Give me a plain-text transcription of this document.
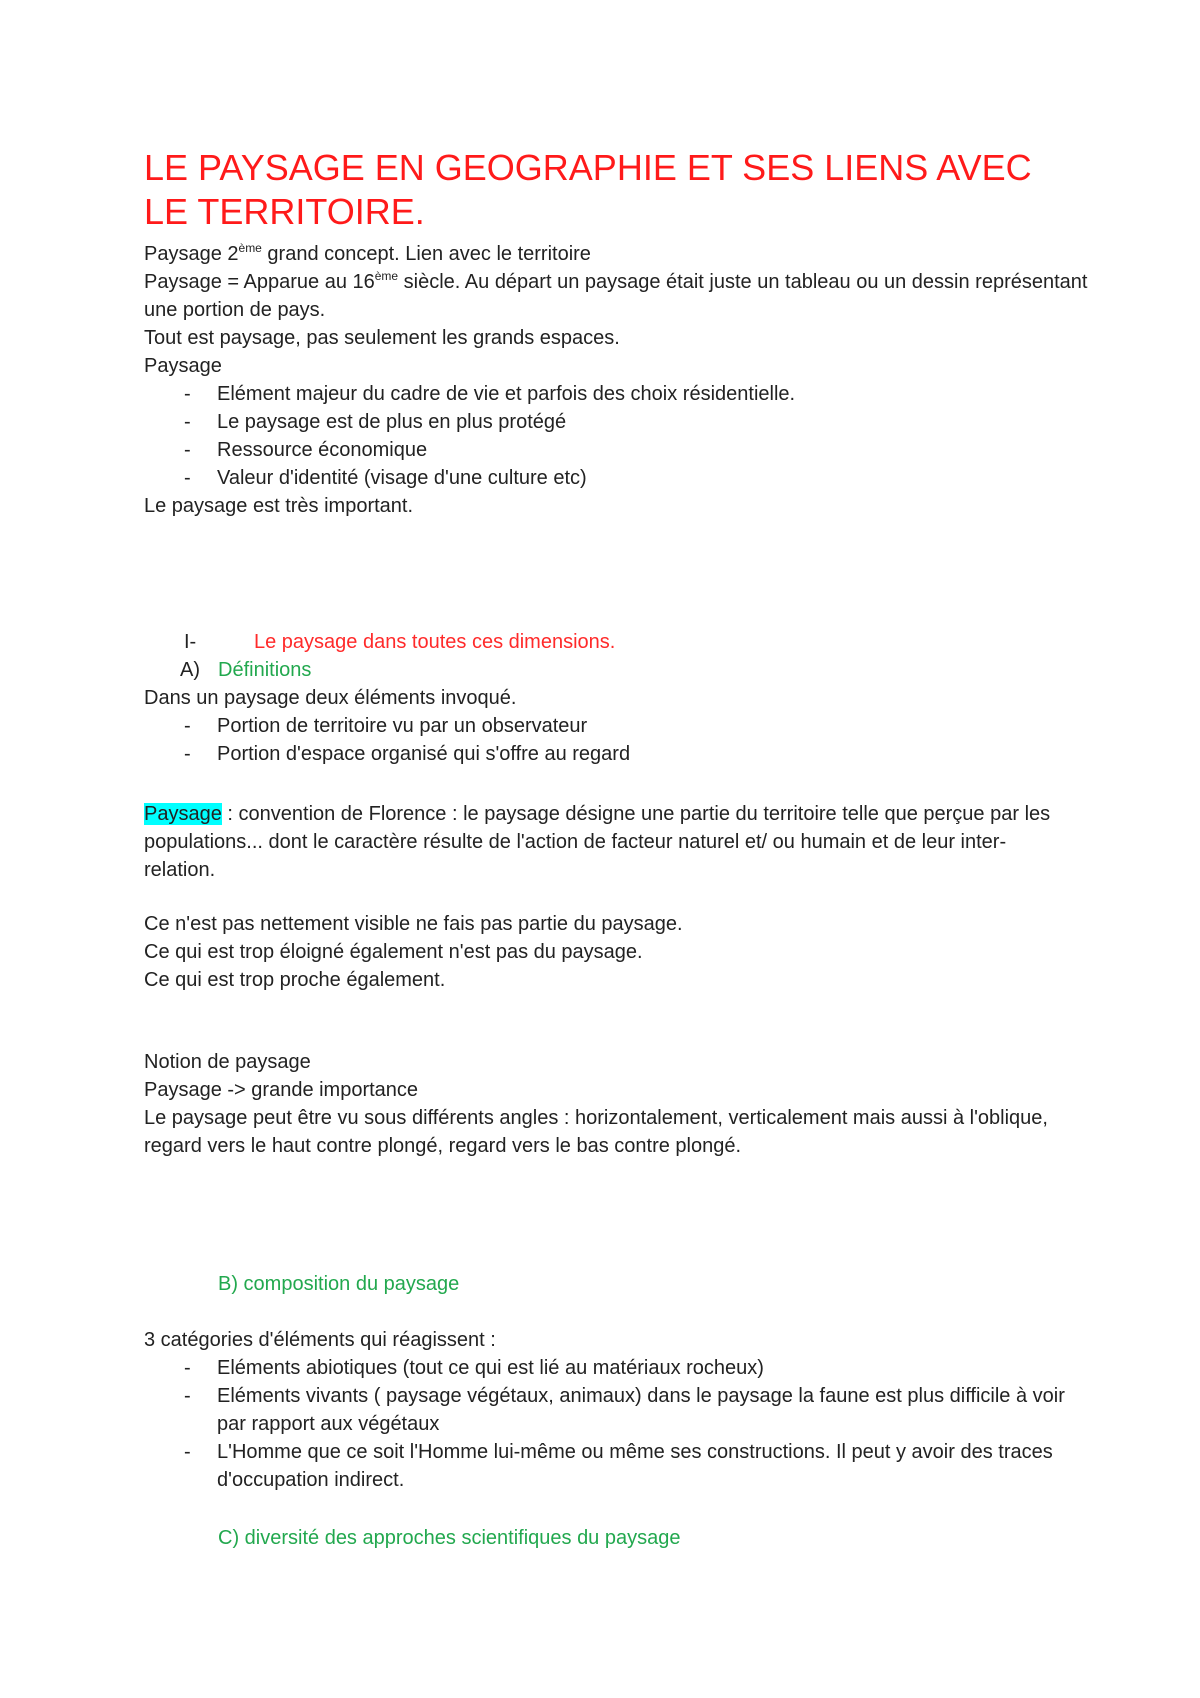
LE PAYSAGE EN GEOGRAPHIE ET SES LIENS AVEC LE TERRITOIRE.

Paysage 2ème grand concept. Lien avec le territoire

Paysage = Apparue au 16ème siècle. Au départ un paysage était juste un tableau ou un dessin représentant une portion de pays.

Tout est paysage, pas seulement les grands espaces.

Paysage

- Elément majeur du cadre de vie et parfois des choix résidentielle.
- Le paysage est de plus en plus protégé
- Ressource économique
- Valeur d'identité (visage d'une culture etc)

Le paysage est très important.

I-	Le paysage dans toutes ces dimensions.
A) Définitions

Dans un paysage deux éléments invoqué.

- Portion de territoire vu par un observateur
- Portion d'espace organisé qui s'offre au regard

Paysage : convention de Florence : le paysage désigne une partie du territoire telle que perçue par les populations... dont le caractère résulte de l'action de facteur naturel et/ ou humain et de leur inter- relation.

Ce n'est pas nettement visible ne fais pas partie du paysage.

Ce qui est trop éloigné également n'est pas du paysage.

Ce qui est trop proche également.

Notion de paysage

Paysage -> grande importance

Le paysage peut être vu sous différents angles : horizontalement, verticalement mais aussi à l'oblique, regard vers le haut contre plongé, regard vers le bas contre plongé.

B) composition du paysage

3 catégories d'éléments qui réagissent :

- Eléments abiotiques (tout ce qui est lié au matériaux rocheux)
- Eléments vivants ( paysage végétaux, animaux) dans le paysage la faune est plus difficile à voir par rapport aux végétaux
- L'Homme que ce soit l'Homme lui-même ou même ses constructions. Il peut y avoir des traces d'occupation indirect.
C) diversité des approches scientifiques du paysage
